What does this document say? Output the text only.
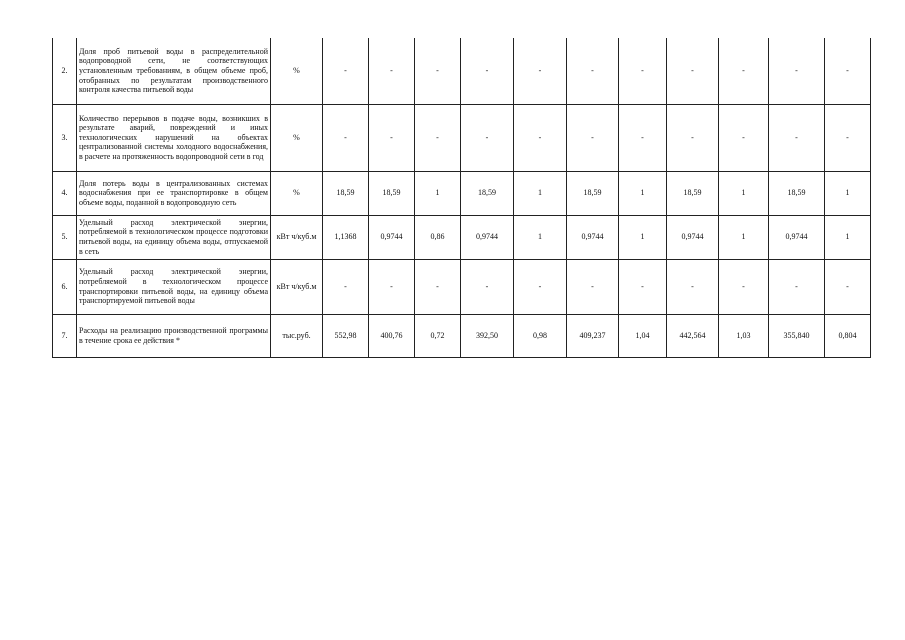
2.	Доля проб питьевой воды в распределительной водопроводной сети, не соответствующих установленным требованиям, в общем объеме проб, отобранных по результатам производственного контроля качества питьевой воды	%	-	-	-	-	-	-	-	-	-	-	-
3.	Количество перерывов в подаче воды, возникших в результате аварий, повреждений и иных технологических нарушений на объектах централизованной системы холодного водоснабжения, в расчете на протяженность водопроводной сети в год	%	-	-	-	-	-	-	-	-	-	-	-
4.	Доля потерь воды в централизованных системах водоснабжения при ее транспортировке в общем объеме воды, поданной в водопроводную сеть	%	18,59	18,59	1	18,59	1	18,59	1	18,59	1	18,59	1
5.	Удельный расход электрической энергии, потребляемой в технологическом процессе подготовки питьевой воды, на единицу объема воды, отпускаемой в сеть	кВт ч/куб.м	1,1368	0,9744	0,86	0,9744	1	0,9744	1	0,9744	1	0,9744	1
6.	Удельный расход электрической энергии, потребляемой в технологическом процессе транспортировки питьевой воды, на единицу объема транспортируемой питьевой воды	кВт ч/куб.м	-	-	-	-	-	-	-	-	-	-	-
7.	Расходы на реализацию производственной программы в течение срока ее действия *	тыс.руб.	552,98	400,76	0,72	392,50	0,98	409,237	1,04	442,564	1,03	355,840	0,804
